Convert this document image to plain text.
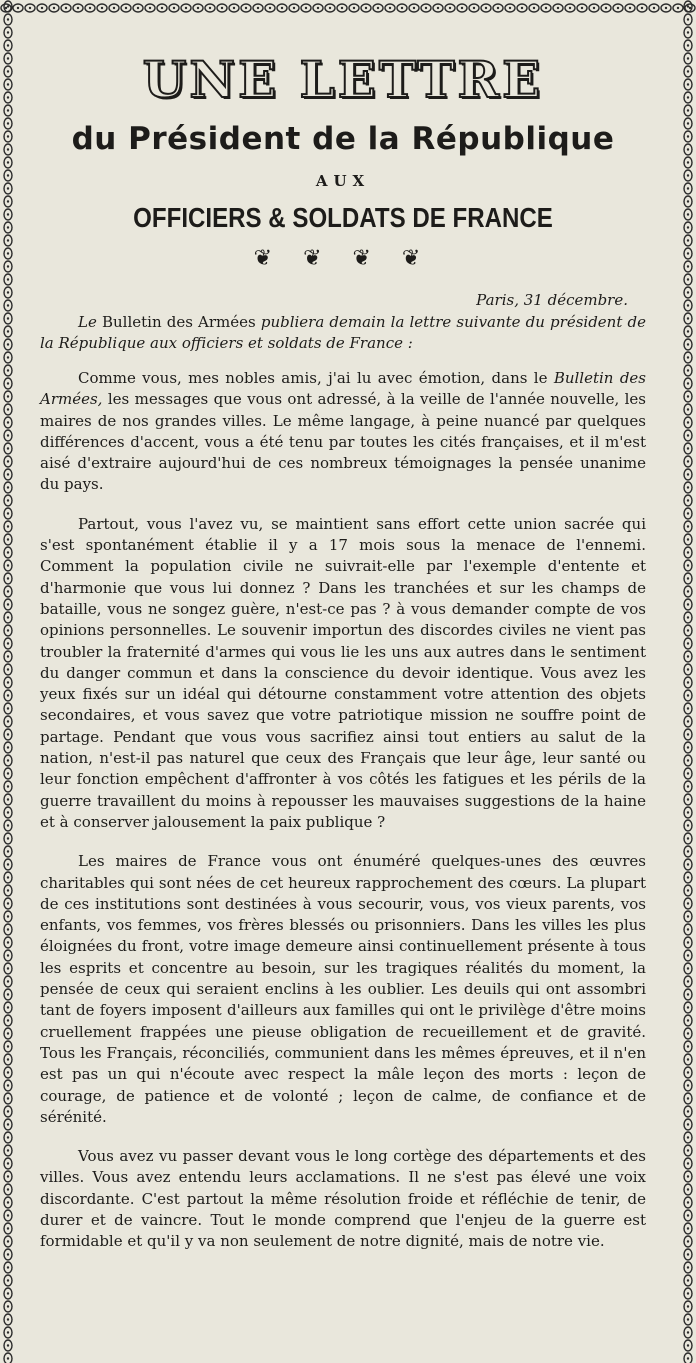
UNE LETTRE
du Président de la République
AUX
OFFICIERS & SOLDATS DE FRANCE
❦ ❦ ❦ ❦
Paris, 31 décembre.

Le Bulletin des Armées publiera demain la lettre suivante du président de la République aux officiers et soldats de France :

Comme vous, mes nobles amis, j'ai lu avec émotion, dans le Bulletin des Armées, les messages que vous ont adressé, à la veille de l'année nouvelle, les maires de nos grandes villes. Le même langage, à peine nuancé par quelques différences d'accent, vous a été tenu par toutes les cités françaises, et il m'est aisé d'extraire aujourd'hui de ces nombreux témoignages la pensée unanime du pays.

Partout, vous l'avez vu, se maintient sans effort cette union sacrée qui s'est spontanément établie il y a 17 mois sous la menace de l'ennemi. Comment la population civile ne suivrait-elle par l'exemple d'entente et d'harmonie que vous lui donnez ? Dans les tranchées et sur les champs de bataille, vous ne songez guère, n'est-ce pas ? à vous demander compte de vos opinions personnelles. Le souvenir importun des discordes civiles ne vient pas troubler la fraternité d'armes qui vous lie les uns aux autres dans le sentiment du danger commun et dans la conscience du devoir identique. Vous avez les yeux fixés sur un idéal qui détourne constamment votre attention des objets secondaires, et vous savez que votre patriotique mission ne souffre point de partage. Pendant que vous vous sacrifiez ainsi tout entiers au salut de la nation, n'est-il pas naturel que ceux des Français que leur âge, leur santé ou leur fonction empêchent d'affronter à vos côtés les fatigues et les périls de la guerre travaillent du moins à repousser les mauvaises suggestions de la haine et à conserver jalousement la paix publique ?

Les maires de France vous ont énuméré quelques-unes des œuvres charitables qui sont nées de cet heureux rapprochement des cœurs. La plupart de ces institutions sont destinées à vous secourir, vous, vos vieux parents, vos enfants, vos femmes, vos frères blessés ou prisonniers. Dans les villes les plus éloignées du front, votre image demeure ainsi continuellement présente à tous les esprits et concentre au besoin, sur les tragiques réalités du moment, la pensée de ceux qui seraient enclins à les oublier. Les deuils qui ont assombri tant de foyers imposent d'ailleurs aux familles qui ont le privilège d'être moins cruellement frappées une pieuse obligation de recueillement et de gravité. Tous les Français, réconciliés, communient dans les mêmes épreuves, et il n'en est pas un qui n'écoute avec respect la mâle leçon des morts : leçon de courage, de patience et de volonté ; leçon de calme, de confiance et de sérénité.

Vous avez vu passer devant vous le long cortège des départements et des villes. Vous avez entendu leurs acclamations. Il ne s'est pas élevé une voix discordante. C'est partout la même résolution froide et réfléchie de tenir, de durer et de vaincre. Tout le monde comprend que l'enjeu de la guerre est formidable et qu'il y va non seulement de notre dignité, mais de notre vie.
